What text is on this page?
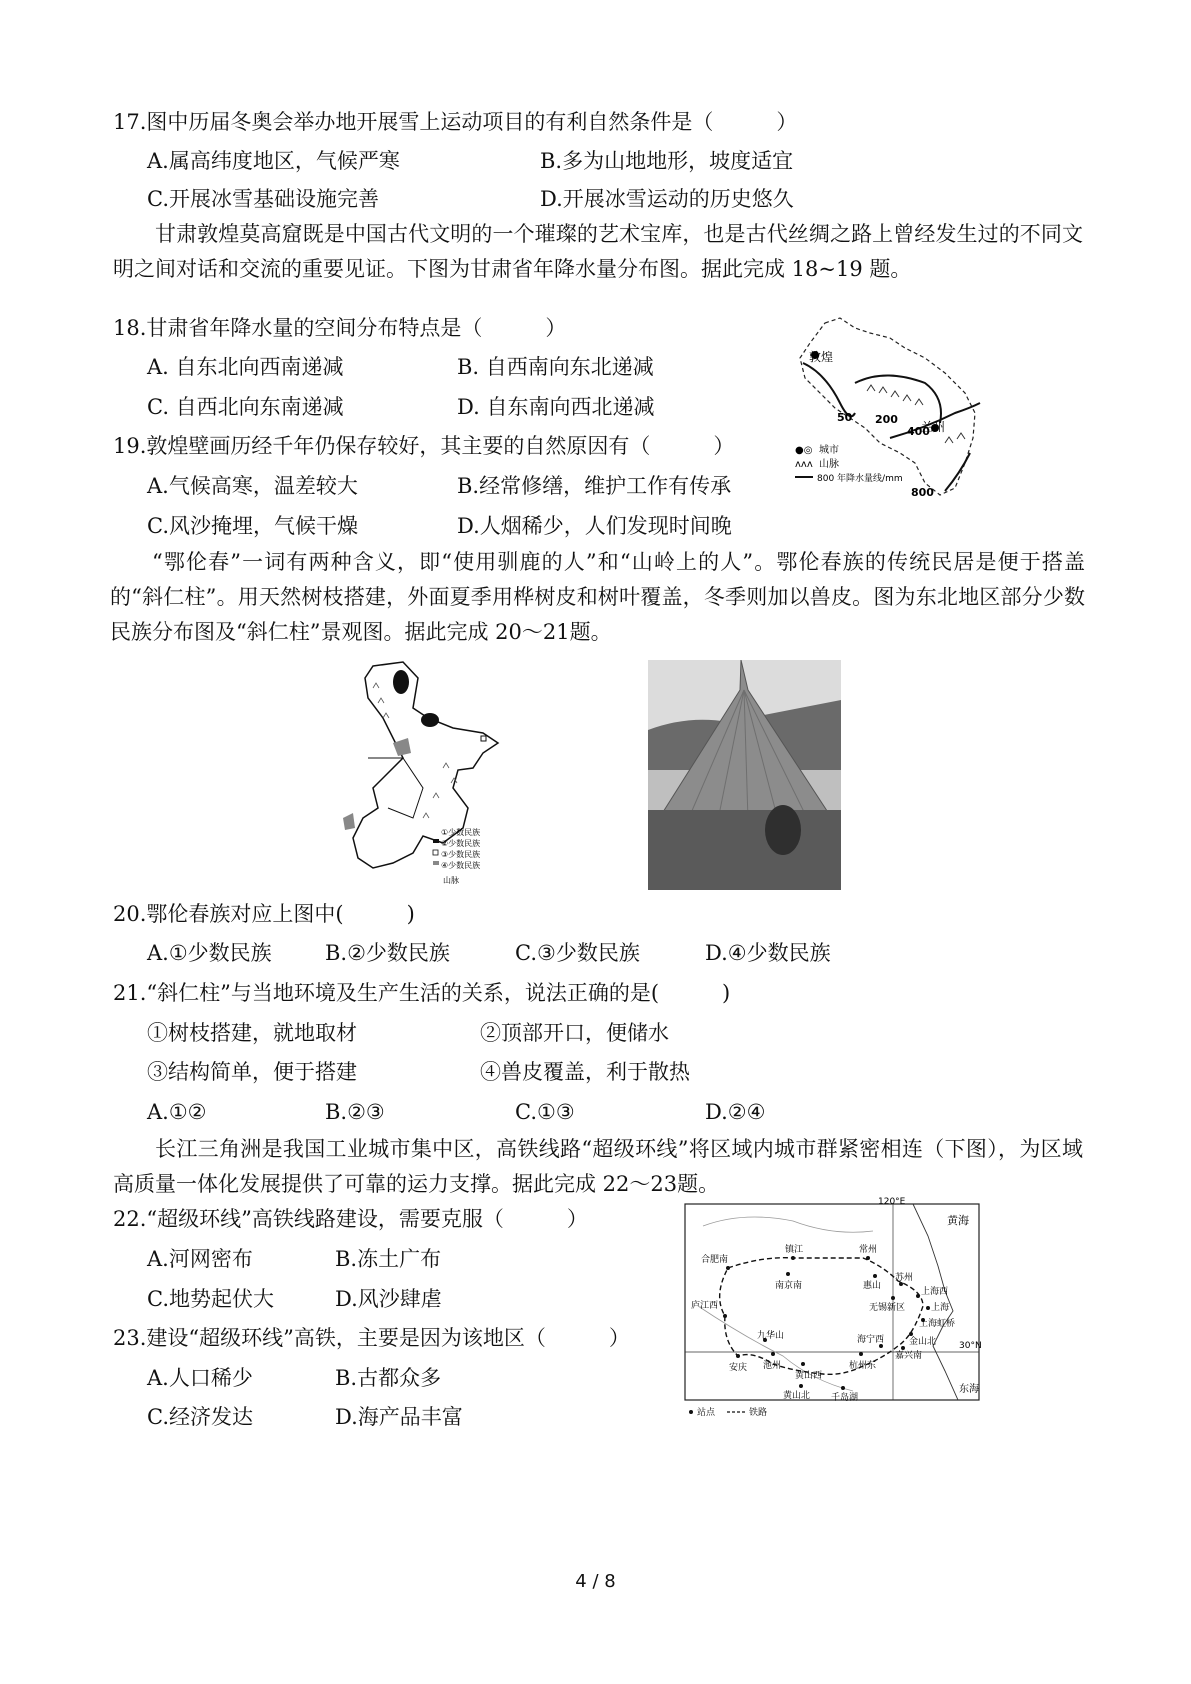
17.图中历届冬奥会举办地开展雪上运动项目的有利自然条件是（　　　）
A.属高纬度地区，气候严寒	B.多为山地地形，坡度适宜
C.开展冰雪基础设施完善	D.开展冰雪运动的历史悠久
甘肃敦煌莫高窟既是中国古代文明的一个璀璨的艺术宝库，也是古代丝绸之路上曾经发生过的不同文明之间对话和交流的重要见证。下图为甘肃省年降水量分布图。据此完成 18~19 题。
18.甘肃省年降水量的空间分布特点是（　　　）
A. 自东北向西南递减	B. 自西南向东北递减
C. 自西北向东南递减	D. 自东南向西北递减
19.敦煌壁画历经千年仍保存较好，其主要的自然原因有（　　　）
A.气候高寒，温差较大	B.经常修缮，维护工作有传承
C.风沙掩埋，气候干燥	D.人烟稀少，人们发现时间晚
敦煌
兰州
50 200
400
800
●◎ 城市
ʌʌʌ 山脉
800 年降水量线/mm
“鄂伦春”一词有两种含义，即“使用驯鹿的人”和“山岭上的人”。鄂伦春族的传统民居是便于搭盖的“斜仁柱”。用天然树枝搭建，外面夏季用桦树皮和树叶覆盖，冬季则加以兽皮。图为东北地区部分少数民族分布图及“斜仁柱”景观图。据此完成 20～21题。
①少数民族
②少数民族
③少数民族
④少数民族
山脉
20.鄂伦春族对应上图中(　　　)
A.①少数民族	B.②少数民族	C.③少数民族	D.④少数民族
21.“斜仁柱”与当地环境及生产生活的关系，说法正确的是(　　　)
①树枝搭建，就地取材	②顶部开口，便储水
③结构简单，便于搭建	④兽皮覆盖，利于散热
A.①②	B.②③	C.①③	D.②④
长江三角洲是我国工业城市集中区，高铁线路“超级环线”将区域内城市群紧密相连（下图），为区域高质量一体化发展提供了可靠的运力支撑。据此完成 22～23题。
22.“超级环线”高铁线路建设，需要克服（　　　）
A.河网密布	B.冻土广布
C.地势起伏大	D.风沙肆虐
23.建设“超级环线”高铁，主要是因为该地区（　　　）
A.人口稀少	B.古都众多
C.经济发达	D.海产品丰富
120°E
30°N
黄海
东海
镇江
合肥南
南京南
常州
惠山
苏州
上海西
无锡新区	上海
上海虹桥
庐江西
九华山
安庆 池州
黄山西
海宁西	金山北
嘉兴南
杭州东
黄山北 千岛湖
站点	铁路
4 / 8
